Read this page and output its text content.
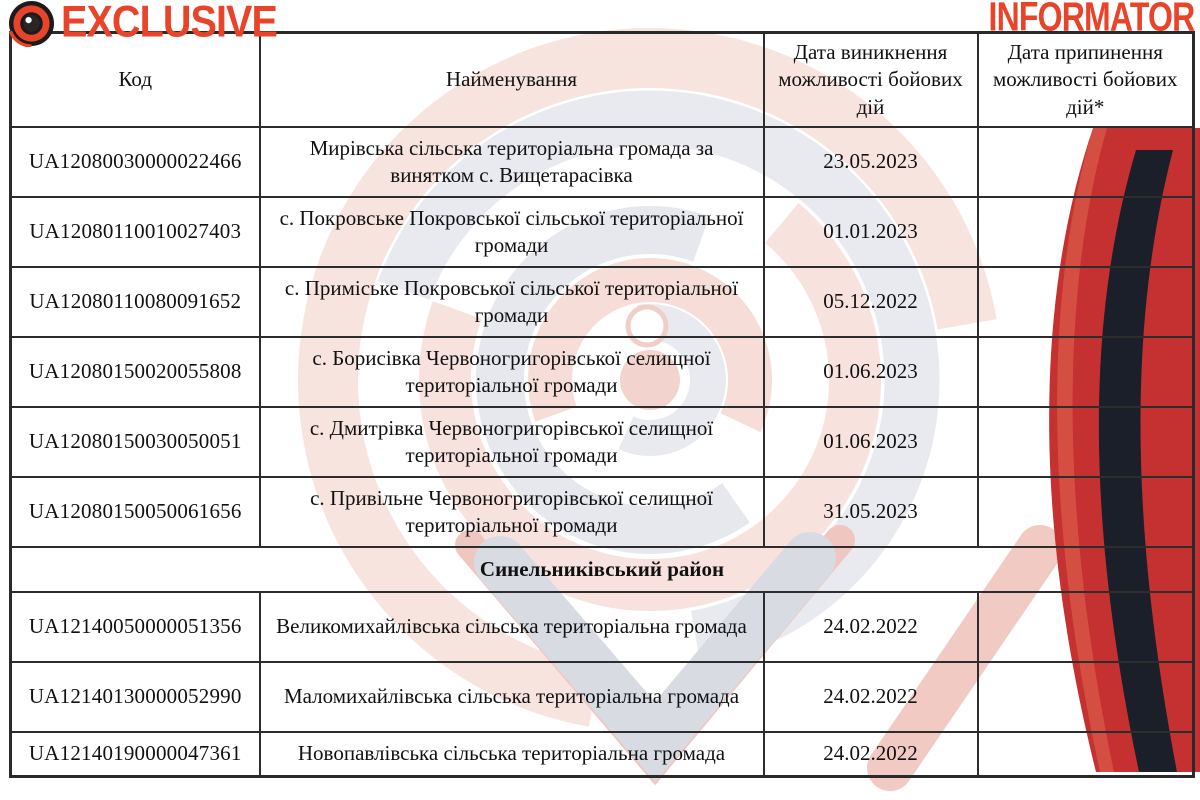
Код	Найменування	Дата виникнення можливості бойових дій	Дата припинення можливості бойових дій*
UA12080030000022466	Мирівська сільська територіальна громада за винятком с. Вищетарасівка	23.05.2023	
UA12080110010027403	с. Покровське Покровської сільської територіальної громади	01.01.2023	
UA12080110080091652	с. Приміське Покровської сільської територіальної громади	05.12.2022	
UA12080150020055808	с. Борисівка Червоногригорівської селищної територіальної громади	01.06.2023	
UA12080150030050051	с. Дмитрівка Червоногригорівської селищної територіальної громади	01.06.2023	
UA12080150050061656	с. Привільне Червоногригорівської селищної територіальної громади	31.05.2023	
Синельниківський район			
UA12140050000051356	Великомихайлівська сільська територіальна громада	24.02.2022	
UA12140130000052990	Маломихайлівська сільська територіальна громада	24.02.2022	
UA12140190000047361	Новопавлівська сільська територіальна громада	24.02.2022	
EXCLUSIVE	INFORMATOR
